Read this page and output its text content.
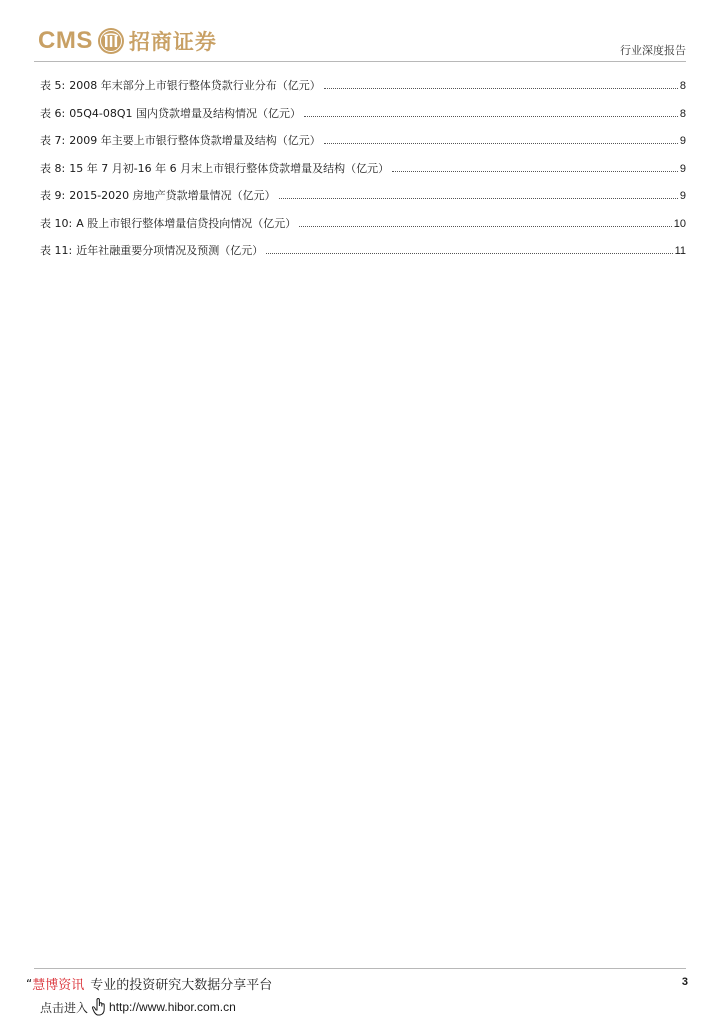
CMS 招商证券	行业深度报告
表 5: 2008 年末部分上市银行整体贷款行业分布（亿元）	8
表 6: 05Q4-08Q1 国内贷款增量及结构情况（亿元）	8
表 7: 2009 年主要上市银行整体贷款增量及结构（亿元）	9
表 8: 15 年 7 月初-16 年 6 月末上市银行整体贷款增量及结构（亿元）	9
表 9: 2015-2020 房地产贷款增量情况（亿元）	9
表 10: A 股上市银行整体增量信贷投向情况（亿元）	10
表 11: 近年社融重要分项情况及预测（亿元）	11
“ 慧博资讯 专业的投资研究大数据分享平台
点击进入 http://www.hibor.com.cn
3
